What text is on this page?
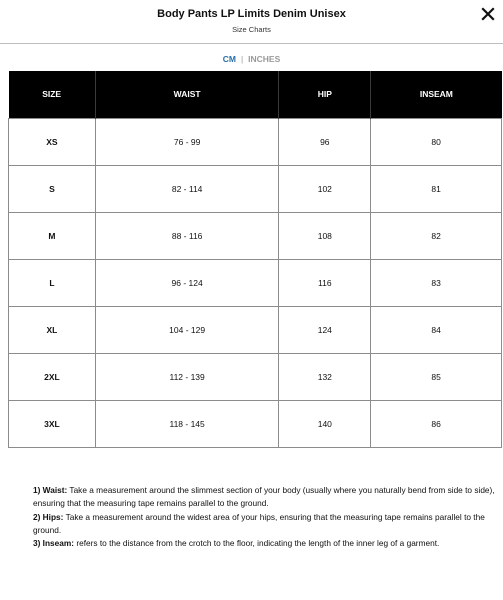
Body Pants LP Limits Denim Unisex
Size Charts
CM | INCHES
SIZE	WAIST	HIP	INSEAM
XS	76 - 99	96	80
S	82 - 114	102	81
M	88 - 116	108	82
L	96 - 124	116	83
XL	104 - 129	124	84
2XL	112 - 139	132	85
3XL	118 - 145	140	86

1) Waist: Take a measurement around the slimmest section of your body (usually where you naturally bend from side to side), ensuring that the measuring tape remains parallel to the ground.

2) Hips: Take a measurement around the widest area of your hips, ensuring that the measuring tape remains parallel to the ground.

3) Inseam: refers to the distance from the crotch to the floor, indicating the length of the inner leg of a garment.
